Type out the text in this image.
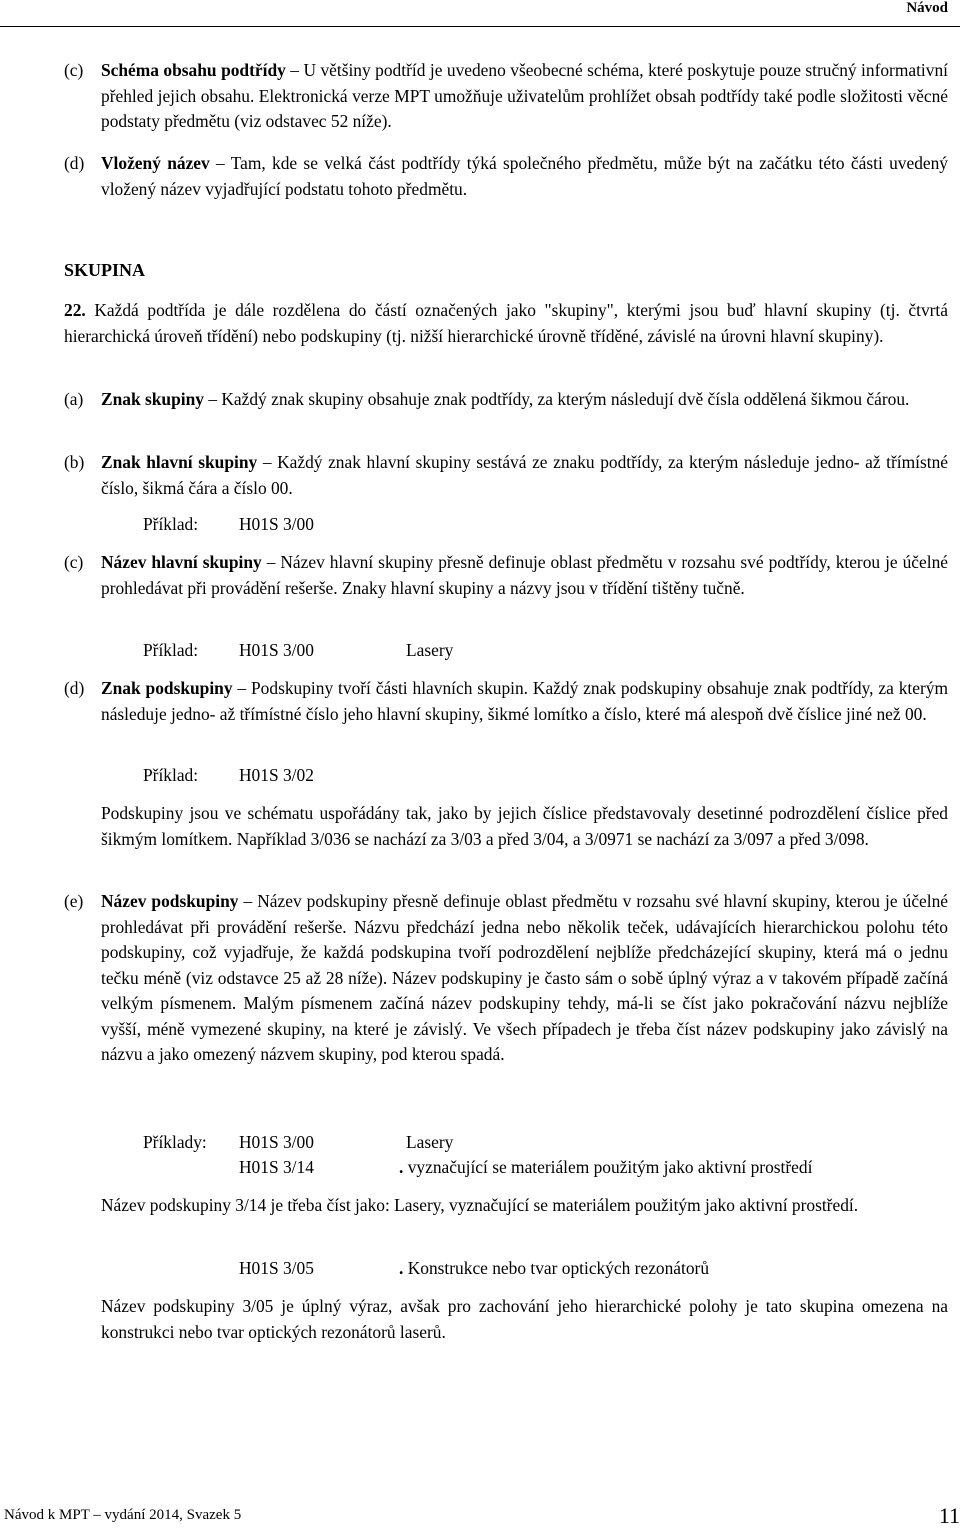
Návod
(c) Schéma obsahu podtřídy – U většiny podtříd je uvedeno všeobecné schéma, které poskytuje pouze stručný informativní přehled jejich obsahu. Elektronická verze MPT umožňuje uživatelům prohlížet obsah podtřídy také podle složitosti věcné podstaty předmětu (viz odstavec 52 níže).
(d) Vložený název – Tam, kde se velká část podtřídy týká společného předmětu, může být na začátku této části uvedený vložený název vyjadřující podstatu tohoto předmětu.
SKUPINA
22. Každá podtřída je dále rozdělena do částí označených jako "skupiny", kterými jsou buď hlavní skupiny (tj. čtvrtá hierarchická úroveň třídění) nebo podskupiny (tj. nižší hierarchické úrovně tříděné, závislé na úrovni hlavní skupiny).
(a) Znak skupiny – Každý znak skupiny obsahuje znak podtřídy, za kterým následují dvě čísla oddělená šikmou čárou.
(b) Znak hlavní skupiny – Každý znak hlavní skupiny sestává ze znaku podtřídy, za kterým následuje jedno- až třímístné číslo, šikmá čára a číslo 00.
Příklad: H01S 3/00
(c) Název hlavní skupiny – Název hlavní skupiny přesně definuje oblast předmětu v rozsahu své podtřídy, kterou je účelné prohledávat při provádění rešerše. Znaky hlavní skupiny a názvy jsou v třídění tištěny tučně.
Příklad: H01S 3/00	Lasery
(d) Znak podskupiny – Podskupiny tvoří části hlavních skupin. Každý znak podskupiny obsahuje znak podtřídy, za kterým následuje jedno- až třímístné číslo jeho hlavní skupiny, šikmé lomítko a číslo, které má alespoň dvě číslice jiné než 00.
Příklad: H01S 3/02
Podskupiny jsou ve schématu uspořádány tak, jako by jejich číslice představovaly desetinné podrozdělení číslice před šikmým lomítkem. Například 3/036 se nachází za 3/03 a před 3/04, a 3/0971 se nachází za 3/097 a před 3/098.
(e) Název podskupiny – Název podskupiny přesně definuje oblast předmětu v rozsahu své hlavní skupiny, kterou je účelné prohledávat při provádění rešerše. Názvu předchází jedna nebo několik teček, udávajících hierarchickou polohu této podskupiny, což vyjadřuje, že každá podskupina tvoří podrozdělení nejblíže předcházející skupiny, která má o jednu tečku méně (viz odstavce 25 až 28 níže). Název podskupiny je často sám o sobě úplný výraz a v takovém případě začíná velkým písmenem. Malým písmenem začíná název podskupiny tehdy, má-li se číst jako pokračování názvu nejblíže vyšší, méně vymezené skupiny, na které je závislý. Ve všech případech je třeba číst název podskupiny jako závislý na názvu a jako omezený názvem skupiny, pod kterou spadá.
Příklady: H01S 3/00	Lasery
H01S 3/14	. vyznačující se materiálem použitým jako aktivní prostředí
Název podskupiny 3/14 je třeba číst jako: Lasery, vyznačující se materiálem použitým jako aktivní prostředí.
H01S 3/05	. Konstrukce nebo tvar optických rezonátorů
Název podskupiny 3/05 je úplný výraz, avšak pro zachování jeho hierarchické polohy je tato skupina omezena na konstrukci nebo tvar optických rezonátorů laserů.
Návod k MPT – vydání 2014, Svazek 5	11
